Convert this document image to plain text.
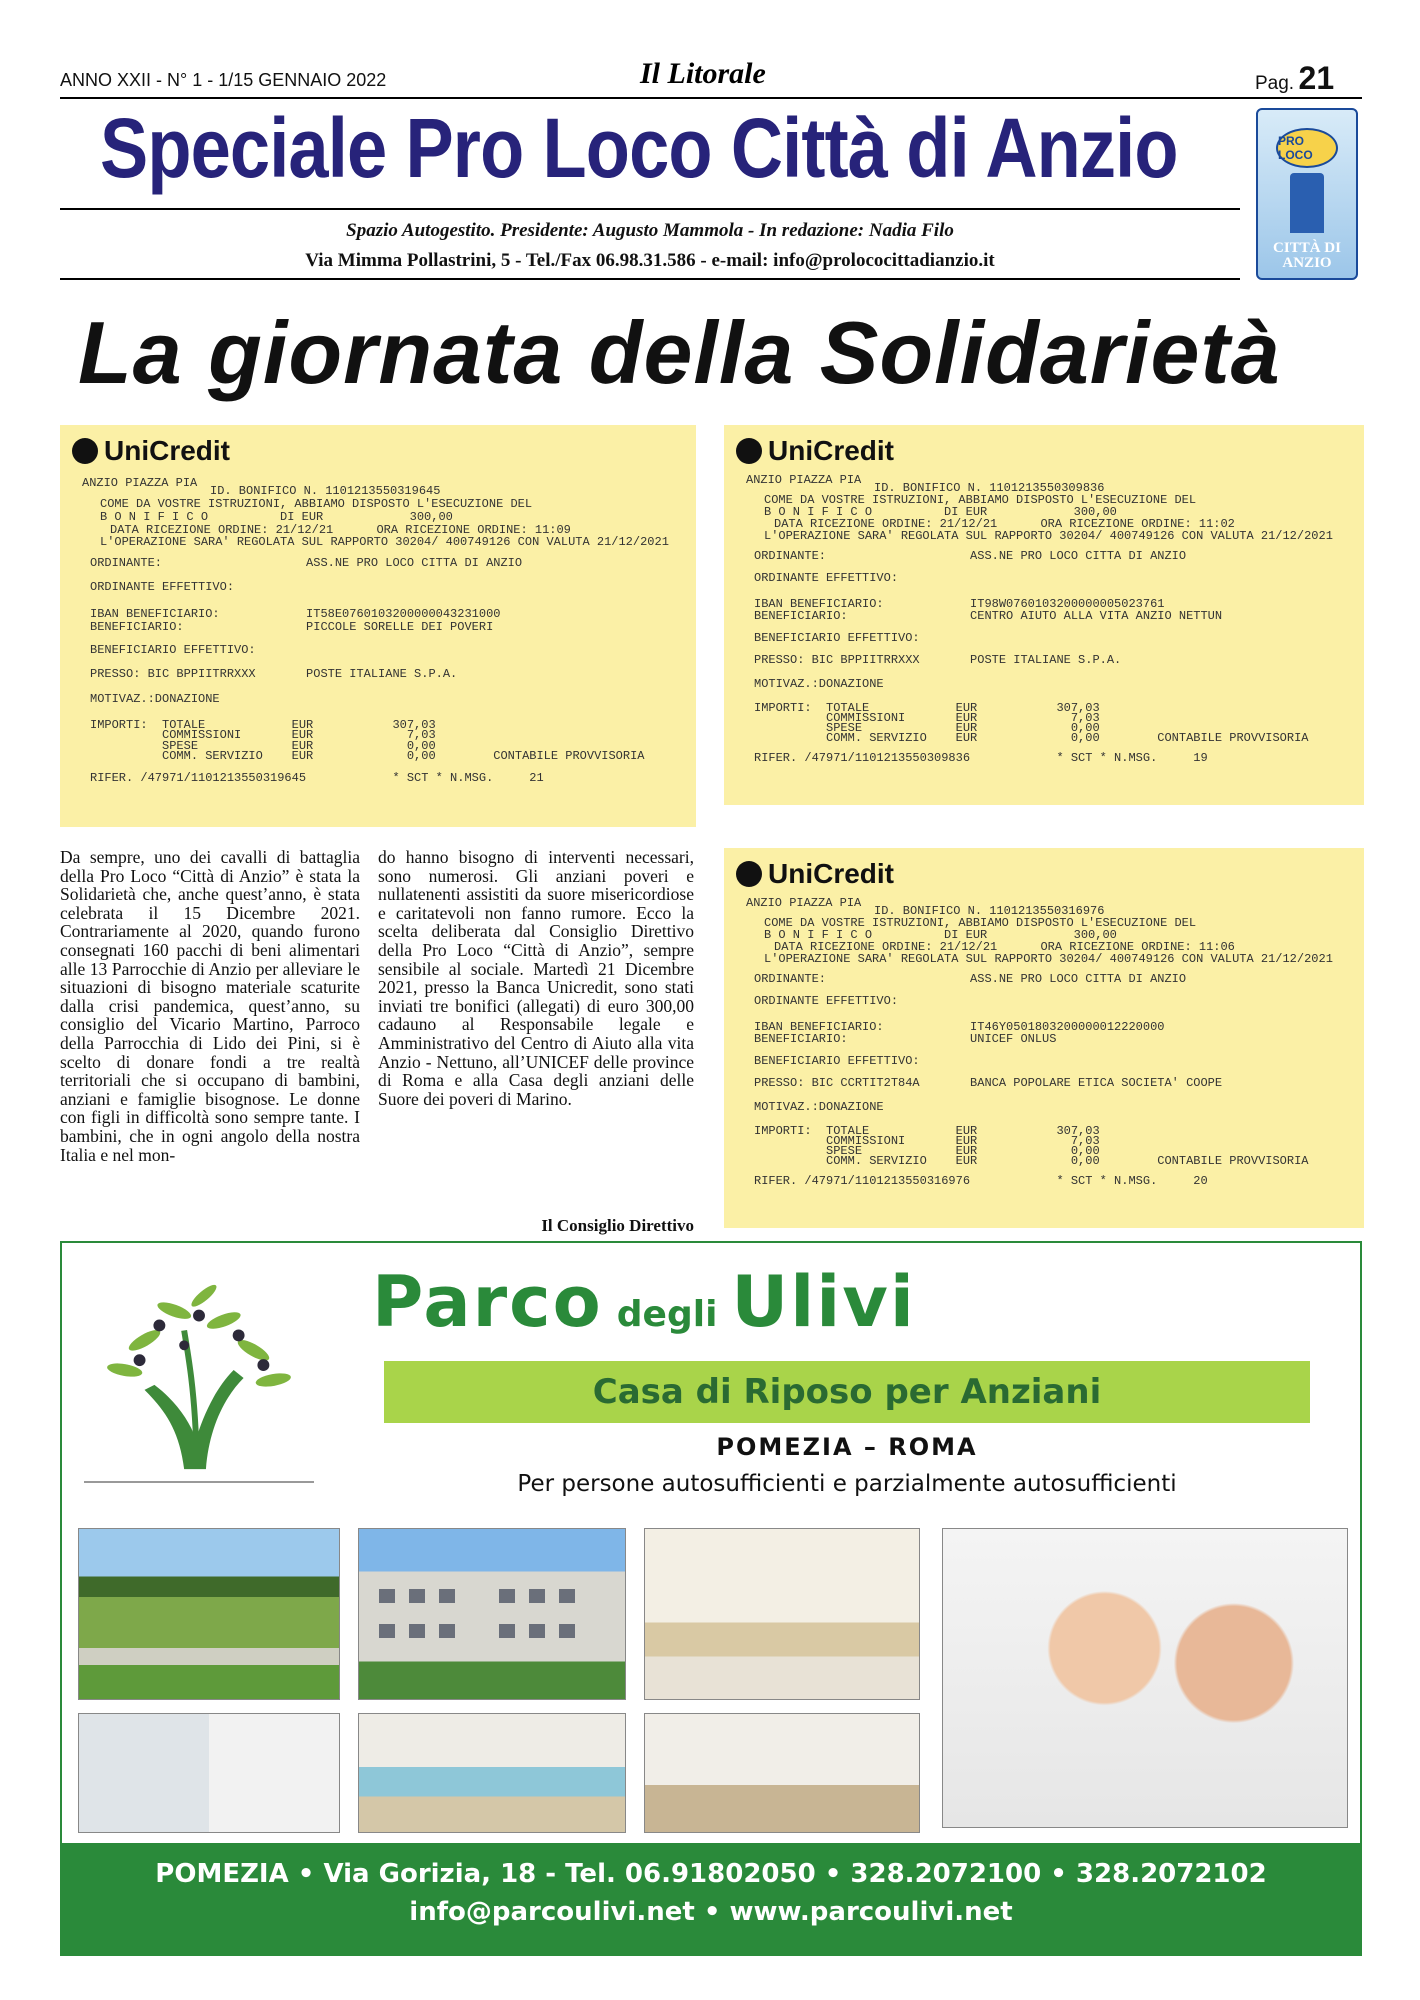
ANNO XXII - N° 1 - 1/15 GENNAIO 2022	Il Litorale	Pag. 21
Speciale Pro Loco Città di Anzio
Spazio Autogestito. Presidente: Augusto Mammola - In redazione: Nadia Filo
Via Mimma Pollastrini, 5 - Tel./Fax 06.98.31.586 - e-mail: info@prolococittadianzio.it
PRO LOCO
CITTÀ DI
ANZIO
La giornata della Solidarietà
UniCredit
ANZIO PIAZZA PIA
ID. BONIFICO N. 1101213550319645
COME DA VOSTRE ISTRUZIONI, ABBIAMO DISPOSTO L'ESECUZIONE DEL
B O N I F I C O          DI EUR            300,00
DATA RICEZIONE ORDINE: 21/12/21      ORA RICEZIONE ORDINE: 11:09
L'OPERAZIONE SARA' REGOLATA SUL RAPPORTO 30204/ 400749126 CON VALUTA 21/12/2021
ORDINANTE:                    ASS.NE PRO LOCO CITTA DI ANZIO
ORDINANTE EFFETTIVO:
IBAN BENEFICIARIO:            IT58E0760103200000043231000
BENEFICIARIO:                 PICCOLE SORELLE DEI POVERI
BENEFICIARIO EFFETTIVO:
PRESSO: BIC BPPIITRRXXX       POSTE ITALIANE S.P.A.
MOTIVAZ.:DONAZIONE
IMPORTI:  TOTALE            EUR           307,03
COMMISSIONI       EUR             7,03
SPESE             EUR             0,00
COMM. SERVIZIO    EUR             0,00        CONTABILE PROVVISORIA
RIFER. /47971/1101213550319645            * SCT * N.MSG.     21
UniCredit
ANZIO PIAZZA PIA
ID. BONIFICO N. 1101213550309836
COME DA VOSTRE ISTRUZIONI, ABBIAMO DISPOSTO L'ESECUZIONE DEL
B O N I F I C O          DI EUR            300,00
DATA RICEZIONE ORDINE: 21/12/21      ORA RICEZIONE ORDINE: 11:02
L'OPERAZIONE SARA' REGOLATA SUL RAPPORTO 30204/ 400749126 CON VALUTA 21/12/2021
ORDINANTE:                    ASS.NE PRO LOCO CITTA DI ANZIO
ORDINANTE EFFETTIVO:
IBAN BENEFICIARIO:            IT98W0760103200000005023761
BENEFICIARIO:                 CENTRO AIUTO ALLA VITA ANZIO NETTUN
BENEFICIARIO EFFETTIVO:
PRESSO: BIC BPPIITRRXXX       POSTE ITALIANE S.P.A.
MOTIVAZ.:DONAZIONE
IMPORTI:  TOTALE            EUR           307,03
COMMISSIONI       EUR             7,03
SPESE             EUR             0,00
COMM. SERVIZIO    EUR             0,00        CONTABILE PROVVISORIA
RIFER. /47971/1101213550309836            * SCT * N.MSG.     19
UniCredit
ANZIO PIAZZA PIA
ID. BONIFICO N. 1101213550316976
COME DA VOSTRE ISTRUZIONI, ABBIAMO DISPOSTO L'ESECUZIONE DEL
B O N I F I C O          DI EUR            300,00
DATA RICEZIONE ORDINE: 21/12/21      ORA RICEZIONE ORDINE: 11:06
L'OPERAZIONE SARA' REGOLATA SUL RAPPORTO 30204/ 400749126 CON VALUTA 21/12/2021
ORDINANTE:                    ASS.NE PRO LOCO CITTA DI ANZIO
ORDINANTE EFFETTIVO:
IBAN BENEFICIARIO:            IT46Y0501803200000012220000
BENEFICIARIO:                 UNICEF ONLUS
BENEFICIARIO EFFETTIVO:
PRESSO: BIC CCRTIT2T84A       BANCA POPOLARE ETICA SOCIETA' COOPE
MOTIVAZ.:DONAZIONE
IMPORTI:  TOTALE            EUR           307,03
COMMISSIONI       EUR             7,03
SPESE             EUR             0,00
COMM. SERVIZIO    EUR             0,00        CONTABILE PROVVISORIA
RIFER. /47971/1101213550316976            * SCT * N.MSG.     20
Da sempre, uno dei cavalli di battaglia della Pro Loco “Città di Anzio” è stata la Solidarietà che, anche quest’anno, è stata celebrata il 15 Dicembre 2021. Contrariamente al 2020, quando furono consegnati 160 pacchi di beni alimentari alle 13 Parrocchie di Anzio per alleviare le situazioni di bisogno materiale scaturite dalla crisi pandemica, quest’anno, su consiglio del Vicario Martino, Parroco della Parrocchia di Lido dei Pini, si è scelto di donare fondi a tre realtà territoriali che si occupano di bambini, anziani e famiglie bisognose. Le donne con figli in difficoltà sono sempre tante. I bambini, che in ogni angolo della nostra Italia e nel mon-
do hanno bisogno di interventi necessari, sono numerosi. Gli anziani poveri e nullatenenti assistiti da suore misericordiose e caritatevoli non fanno rumore. Ecco la scelta deliberata dal Consiglio Direttivo della Pro Loco “Città di Anzio”, sempre sensibile al sociale. Martedì 21 Dicembre 2021, presso la Banca Unicredit, sono stati inviati tre bonifici (allegati) di euro 300,00 cadauno al Responsabile legale e Amministrativo del Centro di Aiuto alla vita Anzio - Nettuno, all’UNICEF delle province di Roma e alla Casa degli anziani delle Suore dei poveri di Marino.
Il Consiglio Direttivo
Parco degli Ulivi
Casa di Riposo per Anziani
POMEZIA – ROMA
Per persone autosufficienti e parzialmente autosufficienti
POMEZIA • Via Gorizia, 18 - Tel. 06.91802050 • 328.2072100 • 328.2072102
info@parcoulivi.net • www.parcoulivi.net
